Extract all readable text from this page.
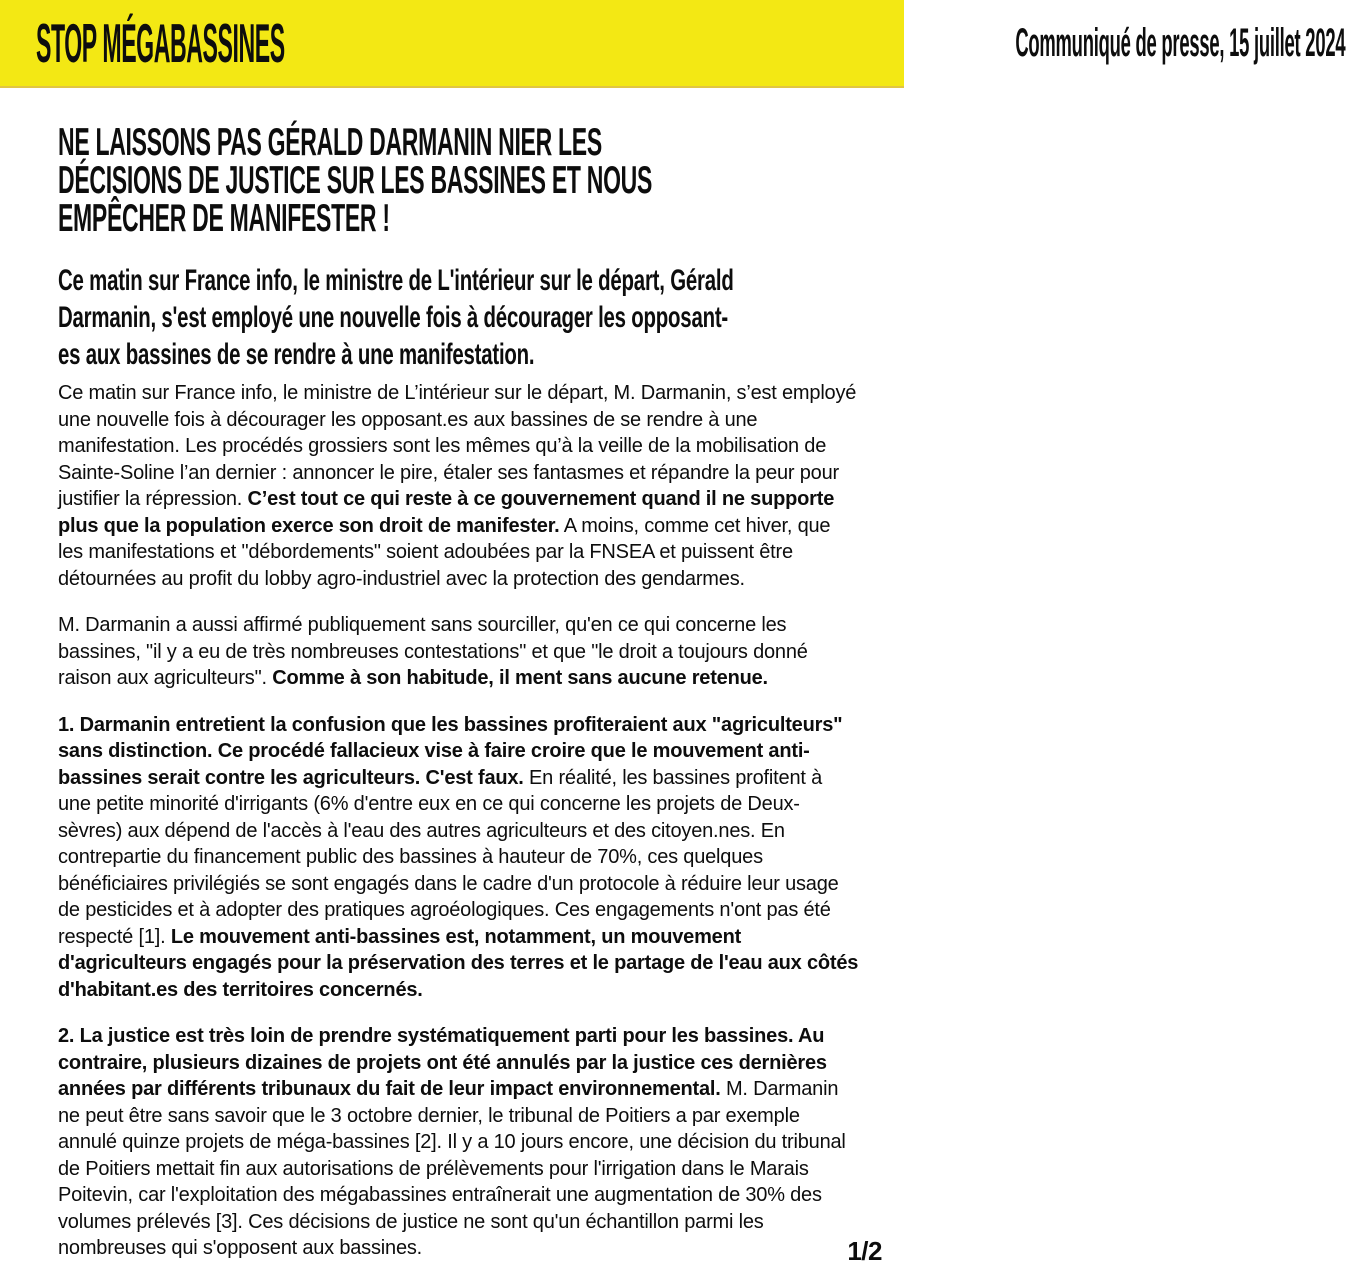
STOP MÉGABASSINES	Communiqué de presse, 15 juillet 2024
NE LAISSONS PAS GÉRALD DARMANIN NIER LES
DÉCISIONS DE JUSTICE SUR LES BASSINES ET NOUS
EMPÊCHER DE MANIFESTER !
Ce matin sur France info, le ministre de L'intérieur sur le départ, Gérald
Darmanin, s'est employé une nouvelle fois à décourager les opposant-
es aux bassines de se rendre à une manifestation.

Ce matin sur France info, le ministre de L’intérieur sur le départ, M. Darmanin, s’est employé une nouvelle fois à décourager les opposant.es aux bassines de se rendre à une manifestation. Les procédés grossiers sont les mêmes qu’à la veille de la mobilisation de Sainte-Soline l’an dernier : annoncer le pire, étaler ses fantasmes et répandre la peur pour justifier la répression. C’est tout ce qui reste à ce gouvernement quand il ne supporte plus que la population exerce son droit de manifester. A moins, comme cet hiver, que les manifestations et "débordements" soient adoubées par la FNSEA et puissent être détournées au profit du lobby agro-industriel avec la protection des gendarmes.

M. Darmanin a aussi affirmé publiquement sans sourciller, qu'en ce qui concerne les bassines, "il y a eu de très nombreuses contestations" et que "le droit a toujours donné raison aux agriculteurs". Comme à son habitude, il ment sans aucune retenue.

1. Darmanin entretient la confusion que les bassines profiteraient aux "agriculteurs" sans distinction. Ce procédé fallacieux vise à faire croire que le mouvement anti-bassines serait contre les agriculteurs. C'est faux. En réalité, les bassines profitent à une petite minorité d'irrigants (6% d'entre eux en ce qui concerne les projets de Deux-sèvres) aux dépend de l'accès à l'eau des autres agriculteurs et des citoyen.nes. En contrepartie du financement public des bassines à hauteur de 70%, ces quelques bénéficiaires privilégiés se sont engagés dans le cadre d'un protocole à réduire leur usage de pesticides et à adopter des pratiques agroéologiques. Ces engagements n'ont pas été respecté [1]. Le mouvement anti-bassines est, notamment, un mouvement d'agriculteurs engagés pour la préservation des terres et le partage de l'eau aux côtés d'habitant.es des territoires concernés.

2. La justice est très loin de prendre systématiquement parti pour les bassines. Au contraire, plusieurs dizaines de projets ont été annulés par la justice ces dernières années par différents tribunaux du fait de leur impact environnemental. M. Darmanin ne peut être sans savoir que le 3 octobre dernier, le tribunal de Poitiers a par exemple annulé quinze projets de méga-bassines [2]. Il y a 10 jours encore, une décision du tribunal de Poitiers mettait fin aux autorisations de prélèvements pour l'irrigation dans le Marais Poitevin, car l'exploitation des mégabassines entraînerait une augmentation de 30% des volumes prélevés [3]. Ces décisions de justice ne sont qu'un échantillon parmi les nombreuses qui s'opposent aux bassines.	1/2
